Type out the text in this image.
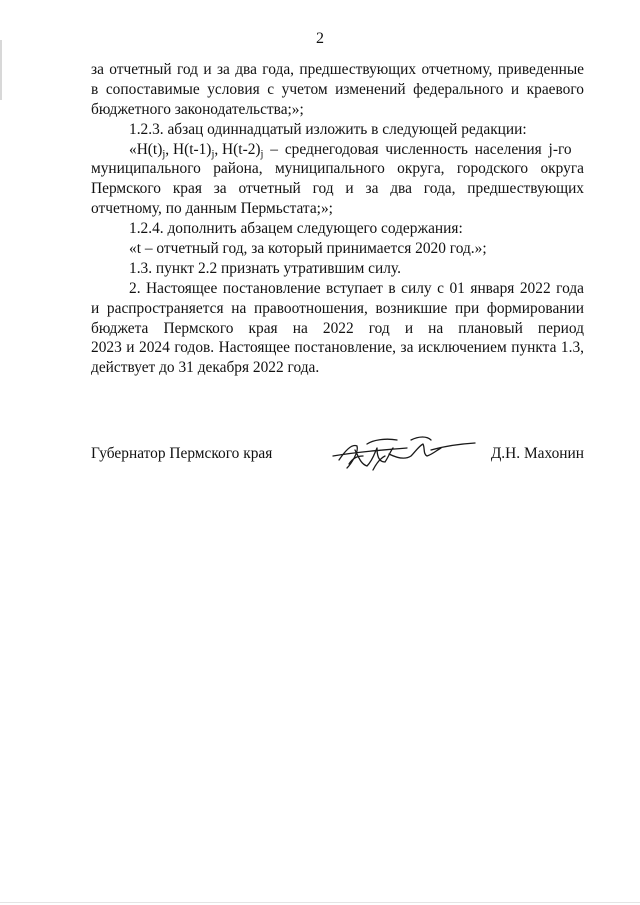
2
за отчетный год и за два года, предшествующих отчетному, приведенные
в сопоставимые условия с учетом изменений федерального и краевого
бюджетного законодательства;»;
1.2.3. абзац одиннадцатый изложить в следующей редакции:
«$H(t)_j$, $H(t-1)_j$, $H(t-2)_j$ – среднегодовая численность населения j-го
муниципального района, муниципального округа, городского округа
Пермского края за отчетный год и за два года, предшествующих
отчетному, по данным Пермьстата;»;
1.2.4. дополнить абзацем следующего содержания:
«t – отчетный год, за который принимается 2020 год.»;
1.3. пункт 2.2 признать утратившим силу.
2. Настоящее постановление вступает в силу с 01 января 2022 года
и распространяется на правоотношения, возникшие при формировании
бюджета Пермского края на 2022 год и на плановый период
2023 и 2024 годов. Настоящее постановление, за исключением пункта 1.3,
действует до 31 декабря 2022 года.
Губернатор Пермского края	Д.Н. Махонин
